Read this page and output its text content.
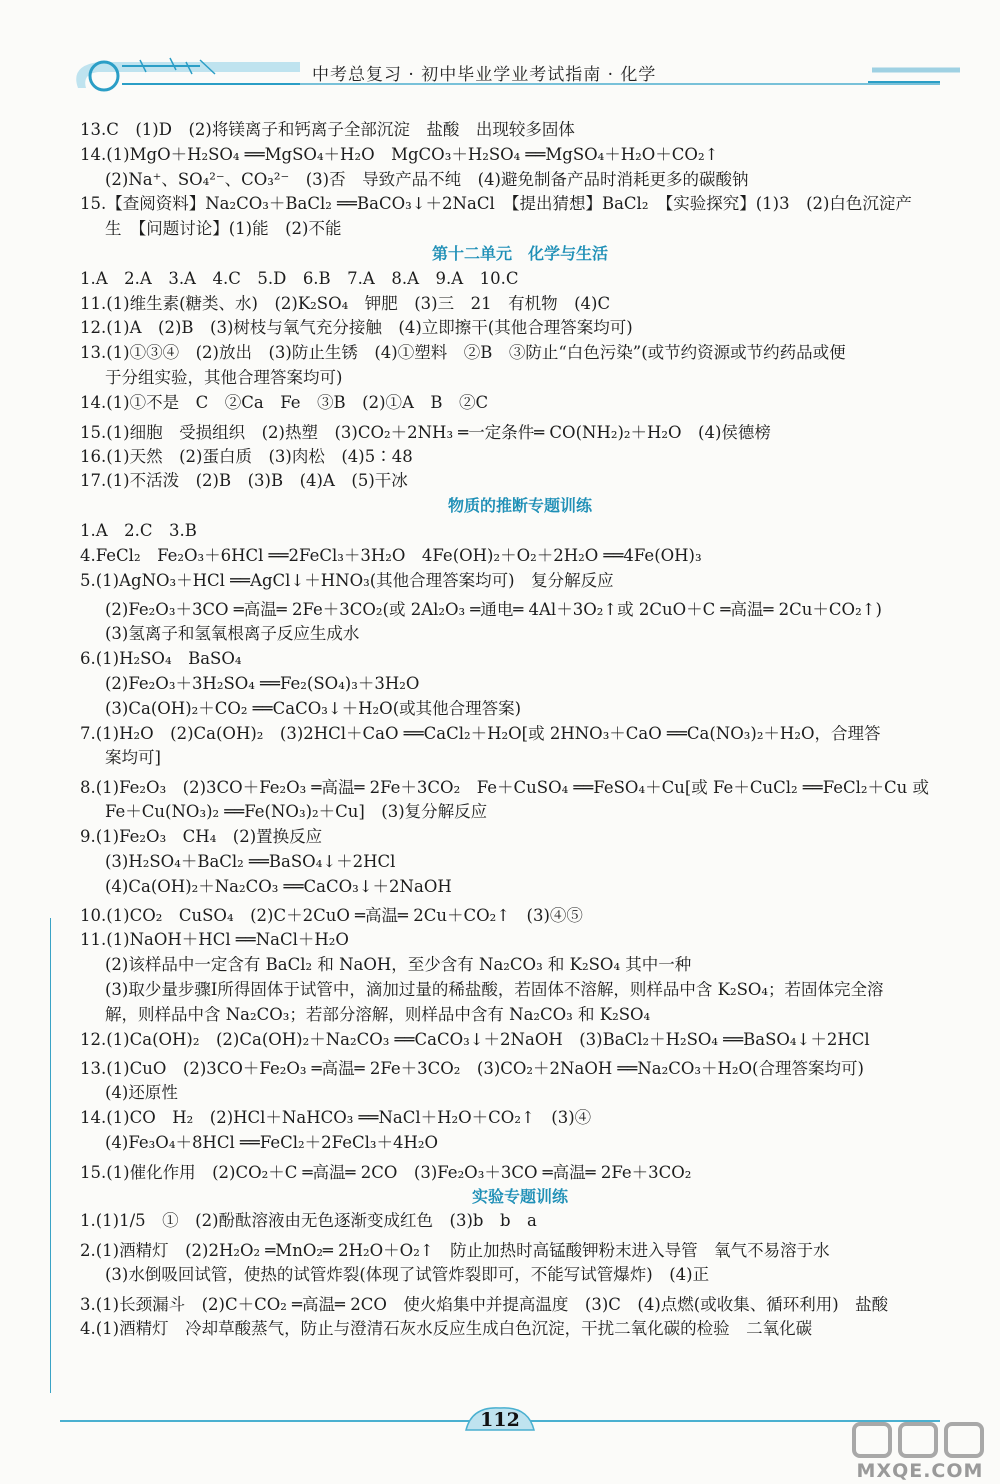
中考总复习 · 初中毕业学业考试指南 · 化学
13.C　(1)D　(2)将镁离子和钙离子全部沉淀　盐酸　出现较多固体
14.(1)MgO＋H₂SO₄ ══MgSO₄＋H₂O　MgCO₃＋H₂SO₄ ══MgSO₄＋H₂O＋CO₂↑
(2)Na⁺、SO₄²⁻、CO₃²⁻　(3)否　导致产品不纯　(4)避免制备产品时消耗更多的碳酸钠
15.【查阅资料】Na₂CO₃＋BaCl₂ ══BaCO₃↓＋2NaCl　【提出猜想】BaCl₂　【实验探究】(1)3　(2)白色沉淀产
生　【问题讨论】(1)能　(2)不能
第十二单元　化学与生活
1.A　2.A　3.A　4.C　5.D　6.B　7.A　8.A　9.A　10.C
11.(1)维生素(糖类、水)　(2)K₂SO₄　钾肥　(3)三　21　有机物　(4)C
12.(1)A　(2)B　(3)树枝与氧气充分接触　(4)立即擦干(其他合理答案均可)
13.(1)①③④　(2)放出　(3)防止生锈　(4)①塑料　②B　③防止“白色污染”(或节约资源或节约药品或便
于分组实验，其他合理答案均可)
14.(1)①不是　C　②Ca　Fe　③B　(2)①A　B　②C
15.(1)细胞　受损组织　(2)热塑　(3)CO₂＋2NH₃ ═一定条件═ CO(NH₂)₂＋H₂O　(4)侯德榜
16.(1)天然　(2)蛋白质　(3)肉松　(4)5∶48
17.(1)不活泼　(2)B　(3)B　(4)A　(5)干冰
物质的推断专题训练
1.A　2.C　3.B
4.FeCl₂　Fe₂O₃＋6HCl ══2FeCl₃＋3H₂O　4Fe(OH)₂＋O₂＋2H₂O ══4Fe(OH)₃
5.(1)AgNO₃＋HCl ══AgCl↓＋HNO₃(其他合理答案均可)　复分解反应
(2)Fe₂O₃＋3CO ═高温═ 2Fe＋3CO₂(或 2Al₂O₃ ═通电═ 4Al＋3O₂↑或 2CuO＋C ═高温═ 2Cu＋CO₂↑)
(3)氢离子和氢氧根离子反应生成水
6.(1)H₂SO₄　BaSO₄
(2)Fe₂O₃＋3H₂SO₄ ══Fe₂(SO₄)₃＋3H₂O
(3)Ca(OH)₂＋CO₂ ══CaCO₃↓＋H₂O(或其他合理答案)
7.(1)H₂O　(2)Ca(OH)₂　(3)2HCl＋CaO ══CaCl₂＋H₂O[或 2HNO₃＋CaO ══Ca(NO₃)₂＋H₂O，合理答
案均可]
8.(1)Fe₂O₃　(2)3CO＋Fe₂O₃ ═高温═ 2Fe＋3CO₂　Fe＋CuSO₄ ══FeSO₄＋Cu[或 Fe＋CuCl₂ ══FeCl₂＋Cu 或
Fe＋Cu(NO₃)₂ ══Fe(NO₃)₂＋Cu]　(3)复分解反应
9.(1)Fe₂O₃　CH₄　(2)置换反应
(3)H₂SO₄＋BaCl₂ ══BaSO₄↓＋2HCl
(4)Ca(OH)₂＋Na₂CO₃ ══CaCO₃↓＋2NaOH
10.(1)CO₂　CuSO₄　(2)C＋2CuO ═高温═ 2Cu＋CO₂↑　(3)④⑤
11.(1)NaOH＋HCl ══NaCl＋H₂O
(2)该样品中一定含有 BaCl₂ 和 NaOH，至少含有 Na₂CO₃ 和 K₂SO₄ 其中一种
(3)取少量步骤Ⅰ所得固体于试管中，滴加过量的稀盐酸，若固体不溶解，则样品中含 K₂SO₄；若固体完全溶
解，则样品中含 Na₂CO₃；若部分溶解，则样品中含有 Na₂CO₃ 和 K₂SO₄
12.(1)Ca(OH)₂　(2)Ca(OH)₂＋Na₂CO₃ ══CaCO₃↓＋2NaOH　(3)BaCl₂＋H₂SO₄ ══BaSO₄↓＋2HCl
13.(1)CuO　(2)3CO＋Fe₂O₃ ═高温═ 2Fe＋3CO₂　(3)CO₂＋2NaOH ══Na₂CO₃＋H₂O(合理答案均可)
(4)还原性
14.(1)CO　H₂　(2)HCl＋NaHCO₃ ══NaCl＋H₂O＋CO₂↑　(3)④
(4)Fe₃O₄＋8HCl ══FeCl₂＋2FeCl₃＋4H₂O
15.(1)催化作用　(2)CO₂＋C ═高温═ 2CO　(3)Fe₂O₃＋3CO ═高温═ 2Fe＋3CO₂
实验专题训练
1.(1)1/5　①　(2)酚酞溶液由无色逐渐变成红色　(3)b　b　a
2.(1)酒精灯　(2)2H₂O₂ ═MnO₂═ 2H₂O＋O₂↑　防止加热时高锰酸钾粉末进入导管　氧气不易溶于水
(3)水倒吸回试管，使热的试管炸裂(体现了试管炸裂即可，不能写试管爆炸)　(4)正
3.(1)长颈漏斗　(2)C＋CO₂ ═高温═ 2CO　使火焰集中并提高温度　(3)C　(4)点燃(或收集、循环利用)　盐酸
4.(1)酒精灯　冷却草酸蒸气，防止与澄清石灰水反应生成白色沉淀，干扰二氧化碳的检验　二氧化碳
112
MXQE.COM
